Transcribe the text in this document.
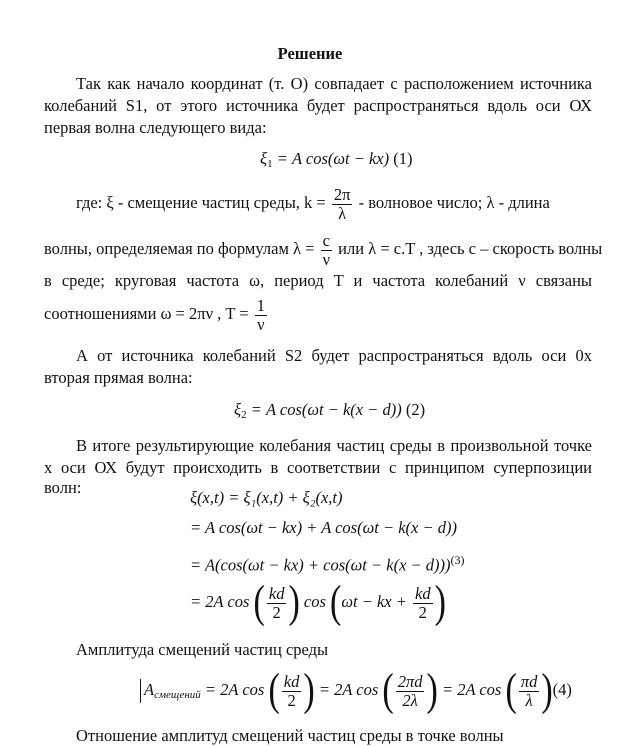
Решение
Так как начало координат (т. О) совпадает с расположением источника
колебаний S1, от этого источника будет распространяться вдоль оси ОХ
первая волна следующего вида:
$\xi_1 = A$ cos(ωt − kx) (1)
где: ξ - смещение частиц среды, $k = \frac{2\pi}{\lambda}$ - волновое число; λ - длина
волны, определяемая по формулам $\lambda = \frac{c}{\nu}$ или λ = c.T , здесь с – скорость волны
в среде; круговая частота ω, период T и частота колебаний ν связаны
соотношениями ω = 2πν , $T = \frac{1}{\nu}$
А от источника колебаний S2 будет распространяться вдоль оси 0х
вторая прямая волна:
$\xi_2 = A$ cos(ωt − k(x − d)) (2)
В итоге результирующие колебания частиц среды в произвольной точке
х оси ОХ будут происходить в соответствии с принципом суперпозиции волн:
ξ(x,t) = ξ₁(x,t) + ξ₂(x,t)
= A cos(ωt − kx) + A cos(ωt − k(x − d))
= $A(\cos(\omega t - kx) + \cos(\omega t - k(x - d)))^{(3)}$
= 2A cos ( $\frac{kd}{2}$ ) cos (ωt − kx + $\frac{kd}{2}$ )
Амплитуда смещений частиц среды
$A_{смещений} = 2A$ cos ( $\frac{kd}{2}$ ) = 2A cos ( $\frac{2\pi d}{2\lambda}$ ) = 2A cos ( $\frac{\pi d}{\lambda} )(4)$
Отношение амплитуд смещений частиц среды в точке волны
